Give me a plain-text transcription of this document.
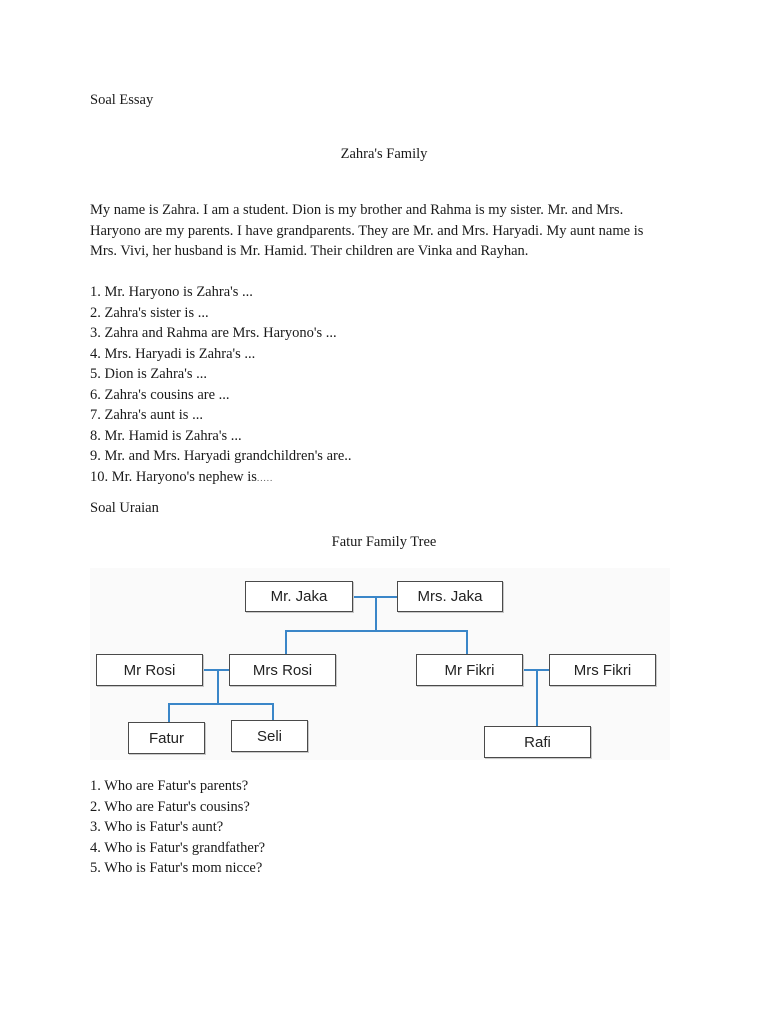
Soal Essay
Zahra's Family
My name is Zahra. I am a student. Dion is my brother and Rahma is my sister. Mr. and Mrs.
Haryono are my parents. I have grandparents. They are Mr. and Mrs. Haryadi. My aunt name is
Mrs. Vivi, her husband is Mr. Hamid. Their children are Vinka and Rayhan.
1. Mr. Haryono is Zahra's ...
2. Zahra's sister is ...
3. Zahra and Rahma are Mrs. Haryono's ...
4. Mrs. Haryadi is Zahra's ...
5. Dion is Zahra's ...
6. Zahra's cousins are ...
7. Zahra's aunt is ...
8. Mr. Hamid is Zahra's ...
9. Mr. and Mrs. Haryadi grandchildren's are..
10. Mr. Haryono's nephew is.....
Soal Uraian
Fatur Family Tree
Mr. Jaka	Mrs. Jaka
Mr Rosi	Mrs Rosi	Mr Fikri	Mrs Fikri
Fatur	Seli	Rafi
1. Who are Fatur's parents?
2. Who are Fatur's cousins?
3. Who is Fatur's aunt?
4. Who is Fatur's grandfather?
5. Who is Fatur's mom nicce?
